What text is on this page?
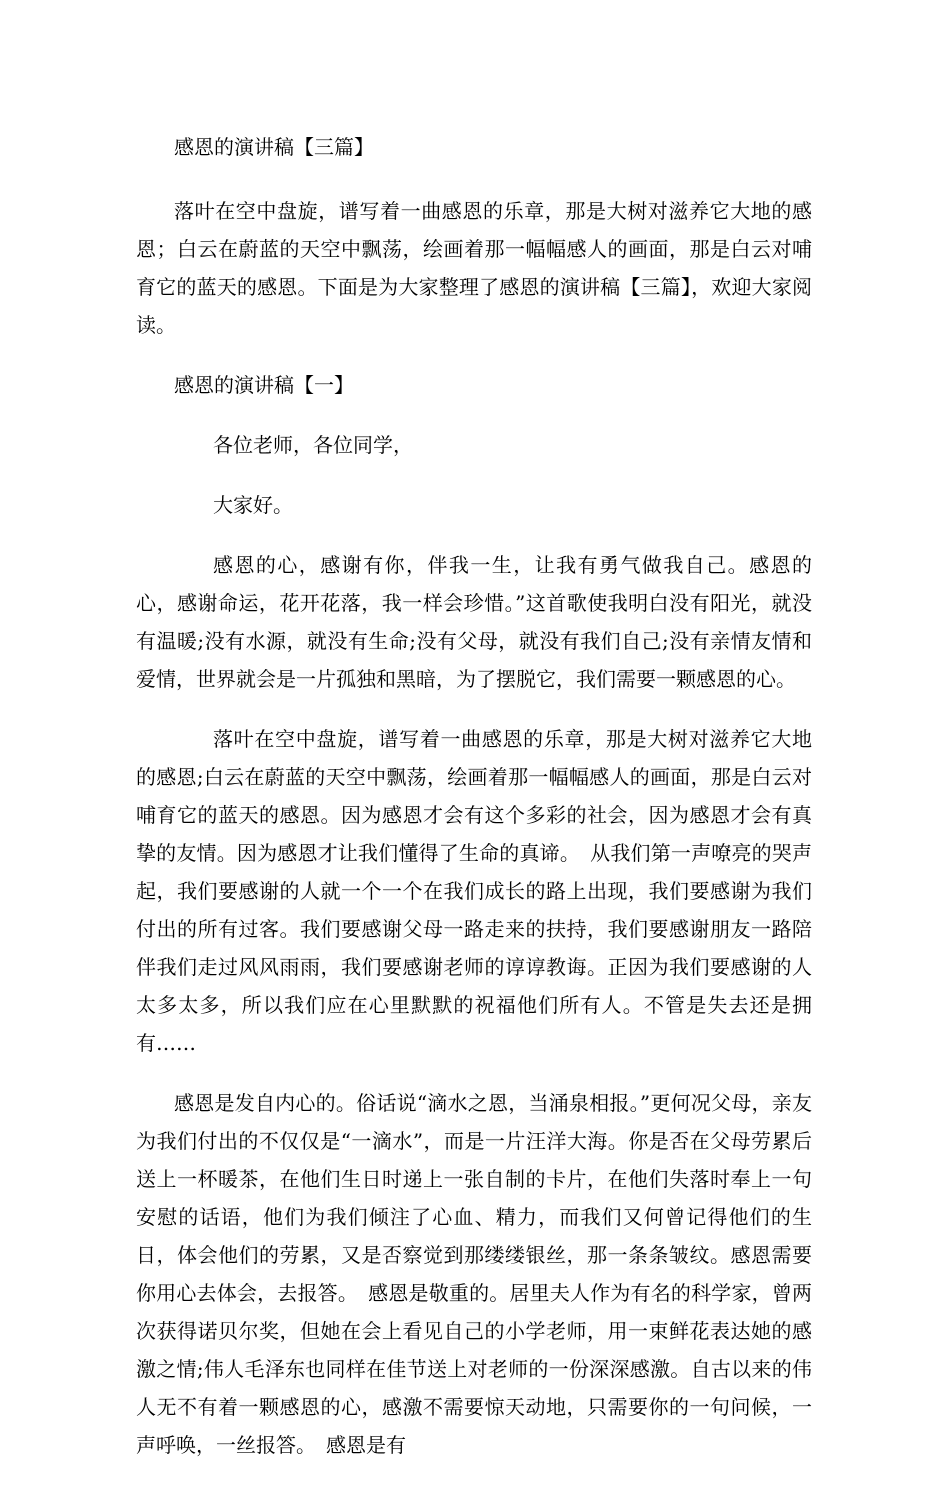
感恩的演讲稿【三篇】

落叶在空中盘旋，谱写着一曲感恩的乐章，那是大树对滋养它大地的感恩；白云在蔚蓝的天空中飘荡，绘画着那一幅幅感人的画面，那是白云对哺育它的蓝天的感恩。下面是为大家整理了感恩的演讲稿【三篇】，欢迎大家阅读。

感恩的演讲稿【一】
各位老师，各位同学，
大家好。

感恩的心，感谢有你，伴我一生，让我有勇气做我自己。感恩的心，感谢命运，花开花落，我一样会珍惜。”这首歌使我明白没有阳光，就没有温暖;没有水源，就没有生命;没有父母，就没有我们自己;没有亲情友情和爱情，世界就会是一片孤独和黑暗，为了摆脱它，我们需要一颗感恩的心。

落叶在空中盘旋，谱写着一曲感恩的乐章，那是大树对滋养它大地的感恩;白云在蔚蓝的天空中飘荡，绘画着那一幅幅感人的画面，那是白云对哺育它的蓝天的感恩。因为感恩才会有这个多彩的社会，因为感恩才会有真挚的友情。因为感恩才让我们懂得了生命的真谛。　从我们第一声嘹亮的哭声起，我们要感谢的人就一个一个在我们成长的路上出现，我们要感谢为我们付出的所有过客。我们要感谢父母一路走来的扶持，我们要感谢朋友一路陪伴我们走过风风雨雨，我们要感谢老师的谆谆教诲。正因为我们要感谢的人太多太多，所以我们应在心里默默的祝福他们所有人。不管是失去还是拥有……

感恩是发自内心的。俗话说“滴水之恩，当涌泉相报。”更何况父母，亲友为我们付出的不仅仅是“一滴水”，而是一片汪洋大海。你是否在父母劳累后送上一杯暖茶，在他们生日时递上一张自制的卡片，在他们失落时奉上一句安慰的话语，他们为我们倾注了心血、精力，而我们又何曾记得他们的生日，体会他们的劳累，又是否察觉到那缕缕银丝，那一条条皱纹。感恩需要你用心去体会，去报答。　感恩是敬重的。居里夫人作为有名的科学家，曾两次获得诺贝尔奖，但她在会上看见自己的小学老师，用一束鲜花表达她的感激之情;伟人毛泽东也同样在佳节送上对老师的一份深深感激。自古以来的伟人无不有着一颗感恩的心，感激不需要惊天动地，只需要你的一句问候，一声呼唤，一丝报答。　感恩是有
